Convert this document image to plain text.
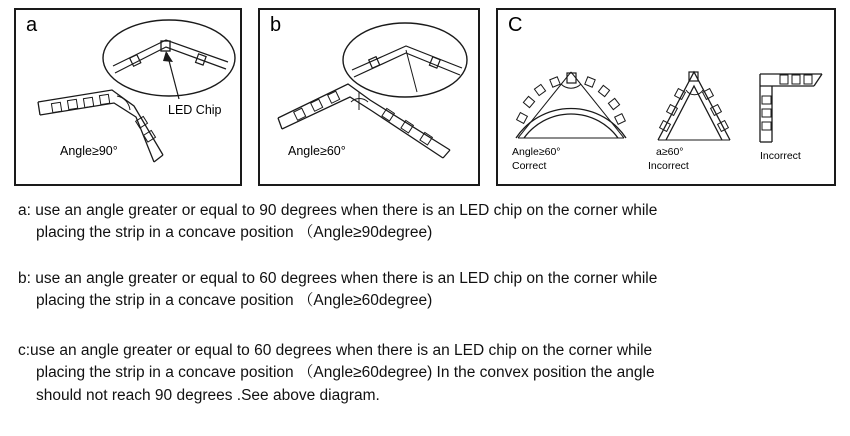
a
LED Chip
Angle≥90°
b
Angle≥60°
C
Angle≥60°
Correct
a≥60°
Incorrect
Incorrect
a: use an angle greater or equal to 90 degrees when there is an LED chip on the corner while
placing the strip in a concave position （Angle≥90degree)
b: use an angle greater or equal to 60 degrees when there is an LED chip on the corner while
placing the strip in a concave position （Angle≥60degree)
c:use an angle greater or equal to 60 degrees when there is an LED chip on the corner while
placing the strip in a concave position （Angle≥60degree) In the convex position the angle
should not reach 90 degrees .See above diagram.
